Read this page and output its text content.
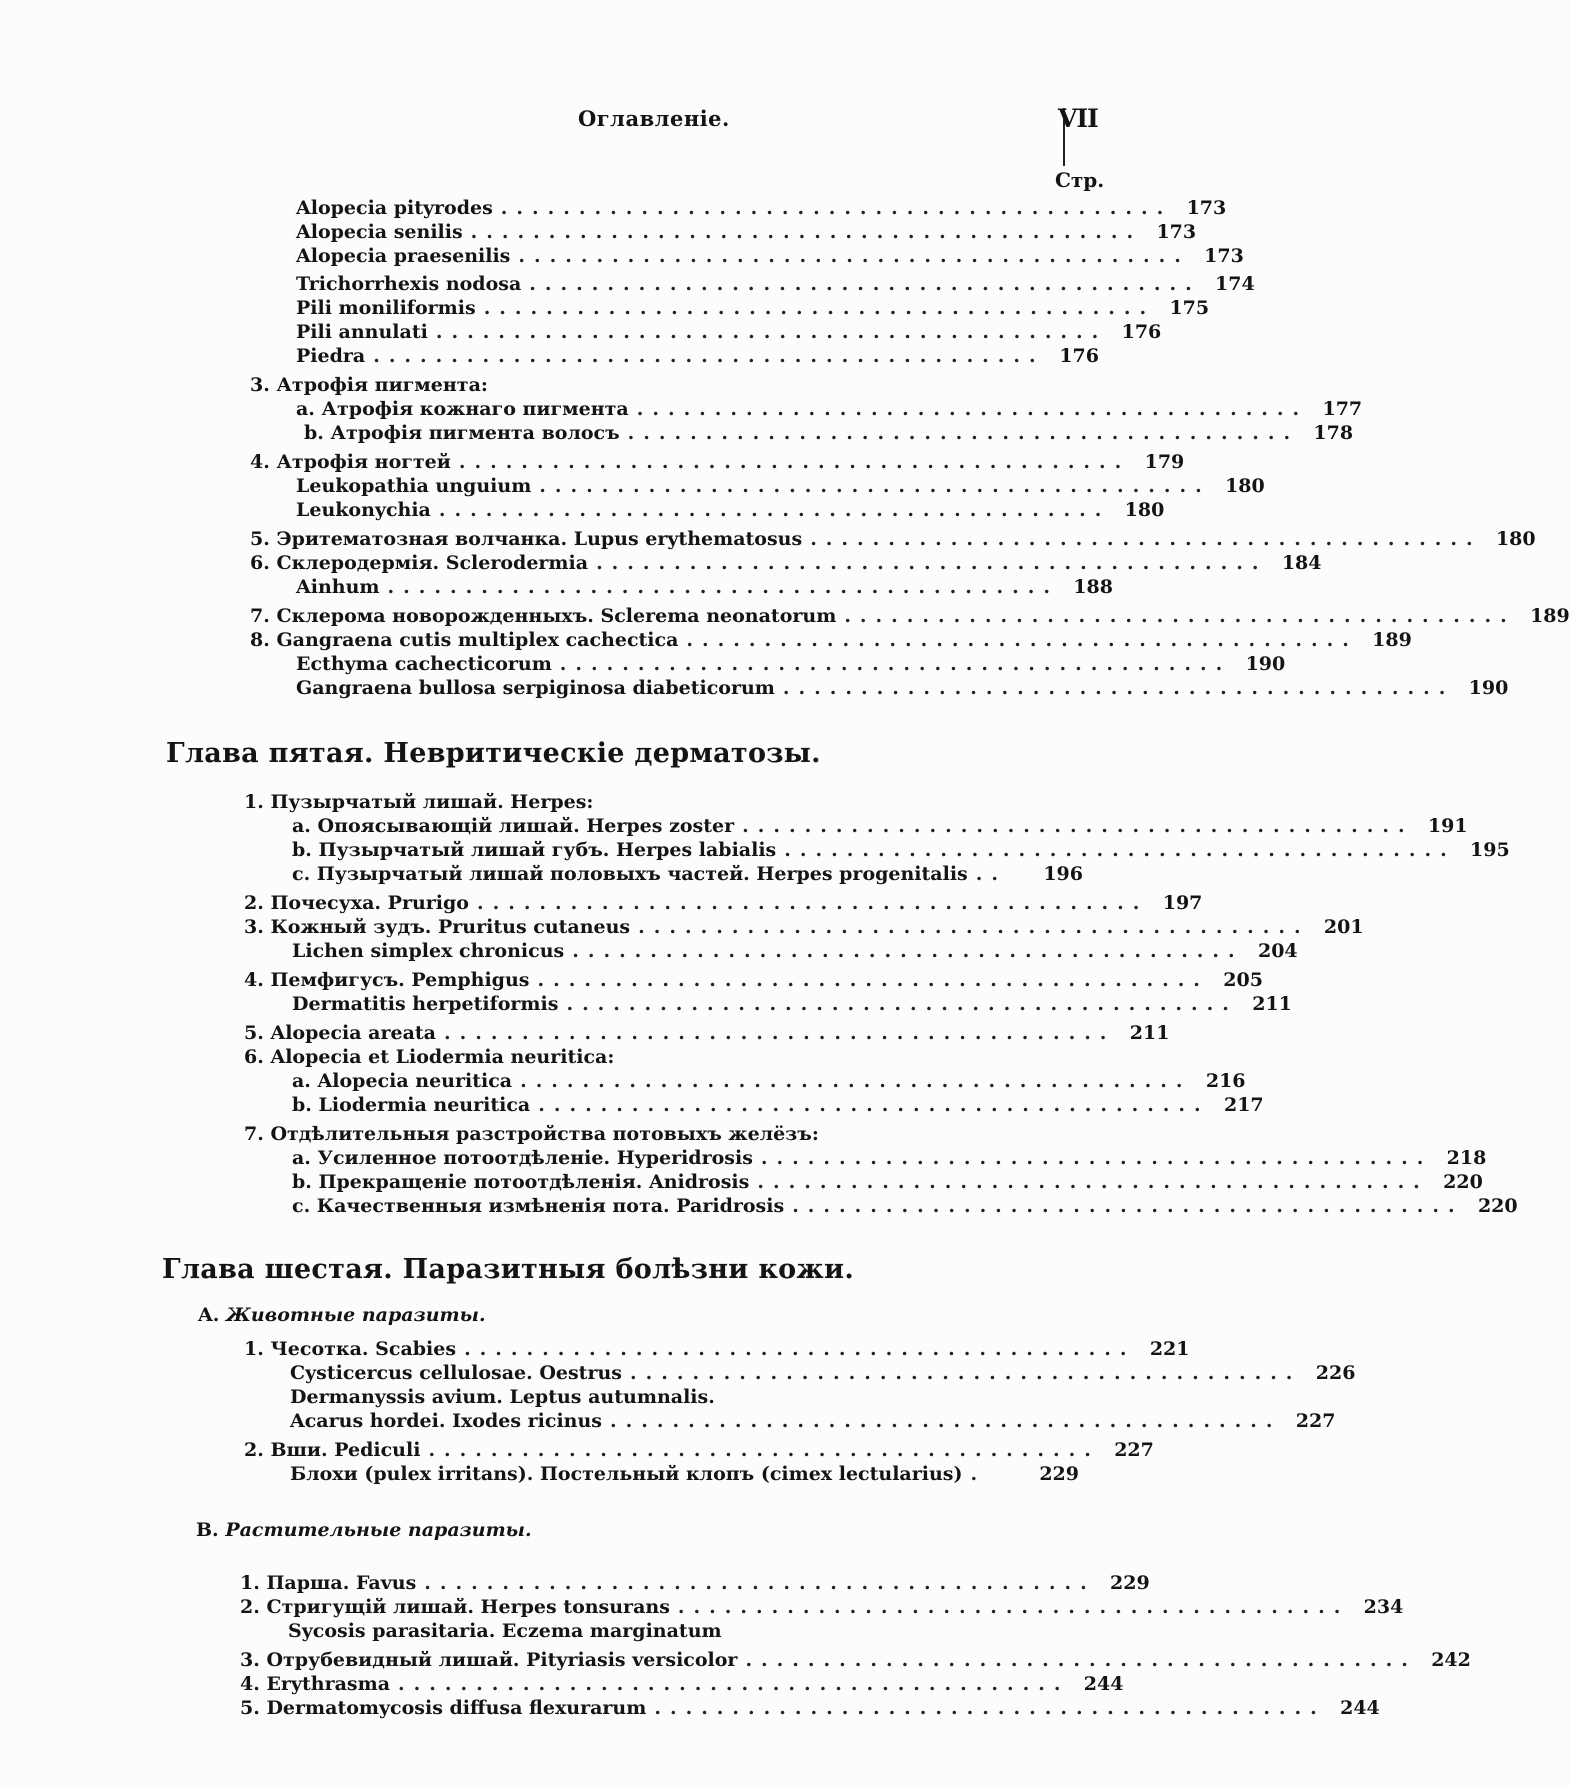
Оглавленіе.	VII
Стр.
Alopecia pityrodes ........................................... 173
Alopecia senilis ........................................... 173
Alopecia praesenilis ........................................... 173
Trichorrhexis nodosa ........................................... 174
Pili moniliformis ........................................... 175
Pili annulati ........................................... 176
Piedra ........................................... 176
3. Атрофія пигмента:
a. Атрофія кожнаго пигмента ........................................... 177
b. Атрофія пигмента волосъ ........................................... 178
4. Атрофія ногтей ........................................... 179
Leukopathia unguium ........................................... 180
Leukonychia ........................................... 180
5. Эритематозная волчанка. Lupus erythematosus ........................................... 180
6. Склеродермія. Sclerodermia ........................................... 184
Ainhum ........................................... 188
7. Склерома новорожденныхъ. Sclerema neonatorum ........................................... 189
8. Gangraena cutis multiplex cachectica ........................................... 189
Ecthyma cachecticorum ........................................... 190
Gangraena bullosa serpiginosa diabeticorum ........................................... 190
Глава пятая. Невритическіе дерматозы.
1. Пузырчатый лишай. Herpes:
a. Опоясывающій лишай. Herpes zoster ........................................... 191
b. Пузырчатый лишай губъ. Herpes labialis ........................................... 195
c. Пузырчатый лишай половыхъ частей. Herpes progenitalis ..	196
2. Почесуха. Prurigo ........................................... 197
3. Кожный зудъ. Pruritus cutaneus ........................................... 201
Lichen simplex chronicus ........................................... 204
4. Пемфигусъ. Pemphigus ........................................... 205
Dermatitis herpetiformis ........................................... 211
5. Alopecia areata ........................................... 211
6. Alopecia et Liodermia neuritica:
a. Alopecia neuritica ........................................... 216
b. Liodermia neuritica ........................................... 217
7. Отдѣлительныя разстройства потовыхъ желёзъ:
a. Усиленное потоотдѣленіе. Hyperidrosis ........................................... 218
b. Прекращеніе потоотдѣленія. Anidrosis ........................................... 220
c. Качественныя измѣненія пота. Paridrosis ........................................... 220
Глава шестая. Паразитныя болѣзни кожи.
A. Животные паразиты.
1. Чесотка. Scabies ........................................... 221
Cysticercus cellulosae. Oestrus ........................................... 226
Dermanyssis avium. Leptus autumnalis.
Acarus hordei. Ixodes ricinus ........................................... 227
2. Вши. Pediculi ........................................... 227
Блохи (pulex irritans). Постельный клопъ (cimex lectularius) .	229
B. Растительные паразиты.
1. Парша. Favus ........................................... 229
2. Стригущій лишай. Herpes tonsurans ........................................... 234
Sycosis parasitaria. Eczema marginatum
3. Отрубевидный лишай. Pityriasis versicolor ........................................... 242
4. Erythrasma ........................................... 244
5. Dermatomycosis diffusa flexurarum ........................................... 244
